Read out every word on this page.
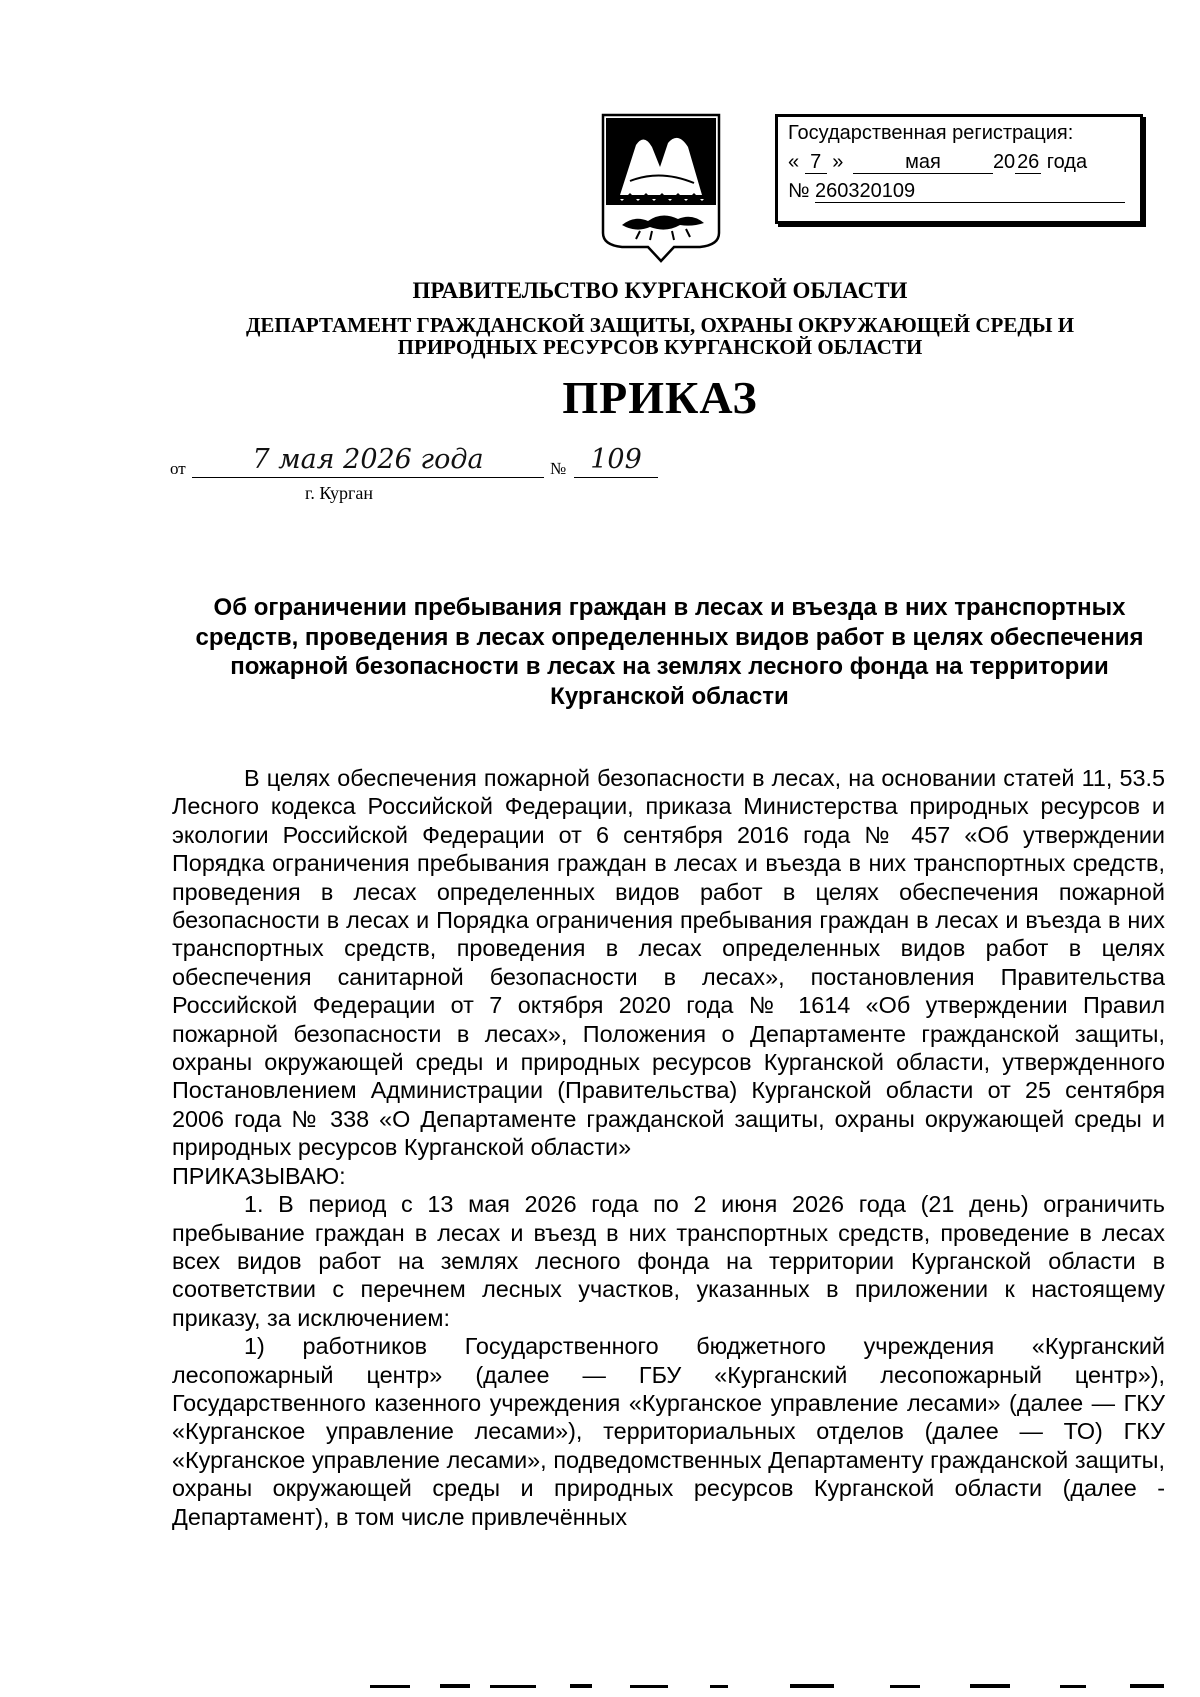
Государственная регистрация:
« 7 »	мая	2026 года
№ 260320109
ПРАВИТЕЛЬСТВО КУРГАНСКОЙ ОБЛАСТИ
ДЕПАРТАМЕНТ ГРАЖДАНСКОЙ ЗАЩИТЫ, ОХРАНЫ ОКРУЖАЮЩЕЙ СРЕДЫ И
ПРИРОДНЫХ РЕСУРСОВ КУРГАНСКОЙ ОБЛАСТИ
ПРИКАЗ
от	7 мая 2026 года	№ 109
г. Курган
Об ограничении пребывания граждан в лесах и въезда в них транспортных средств, проведения в лесах определенных видов работ в целях обеспечения пожарной безопасности в лесах на землях лесного фонда на территории Курганской области

В целях обеспечения пожарной безопасности в лесах, на основании статей 11, 53.5 Лесного кодекса Российской Федерации, приказа Министерства природных ресурсов и экологии Российской Федерации от 6 сентября 2016 года № 457 «Об утверждении Порядка ограничения пребывания граждан в лесах и въезда в них транспортных средств, проведения в лесах определенных видов работ в целях обеспечения пожарной безопасности в лесах и Порядка ограничения пребывания граждан в лесах и въезда в них транспортных средств, проведения в лесах определенных видов работ в целях обеспечения санитарной безопасности в лесах», постановления Правительства Российской Федерации от 7 октября 2020 года № 1614 «Об утверждении Правил пожарной безопасности в лесах», Положения о Департаменте гражданской защиты, охраны окружающей среды и природных ресурсов Курганской области, утвержденного Постановлением Администрации (Правительства) Курганской области от 25 сентября 2006 года № 338 «О Департаменте гражданской защиты, охраны окружающей среды и природных ресурсов Курганской области»

ПРИКАЗЫВАЮ:

1. В период с 13 мая 2026 года по 2 июня 2026 года (21 день) ограничить пребывание граждан в лесах и въезд в них транспортных средств, проведение в лесах всех видов работ на землях лесного фонда на территории Курганской области в соответствии с перечнем лесных участков, указанных в приложении к настоящему приказу, за исключением:

1) работников Государственного бюджетного учреждения «Курганский лесопожарный центр» (далее — ГБУ «Курганский лесопожарный центр»), Государственного казенного учреждения «Курганское управление лесами» (далее — ГКУ «Курганское управление лесами»), территориальных отделов (далее — ТО) ГКУ «Курганское управление лесами», подведомственных Департаменту гражданской защиты, охраны окружающей среды и природных ресурсов Курганской области (далее - Департамент), в том числе привлечённых
